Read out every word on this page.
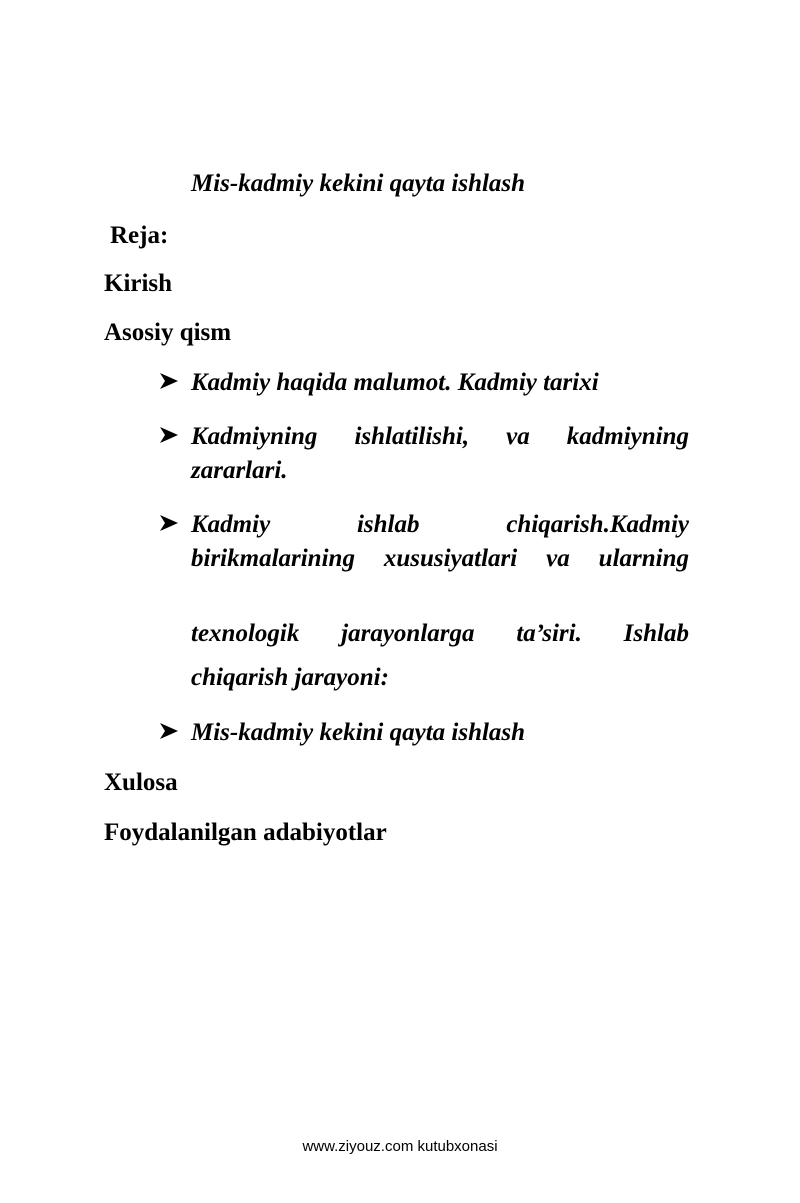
Mis-kadmiy kekini qayta ishlash
Reja:
Kirish
Asosiy qism
Kadmiy haqida malumot. Kadmiy tarixi
Kadmiyning ishlatilishi, va kadmiyning zararlari.
Kadmiy ishlab chiqarish.Kadmiy birikmalarining xususiyatlari va ularning
texnologik jarayonlarga ta’siri. Ishlab
chiqarish jarayoni:
Mis-kadmiy kekini qayta ishlash
Xulosa
Foydalanilgan adabiyotlar
www.ziyouz.com kutubxonasi
